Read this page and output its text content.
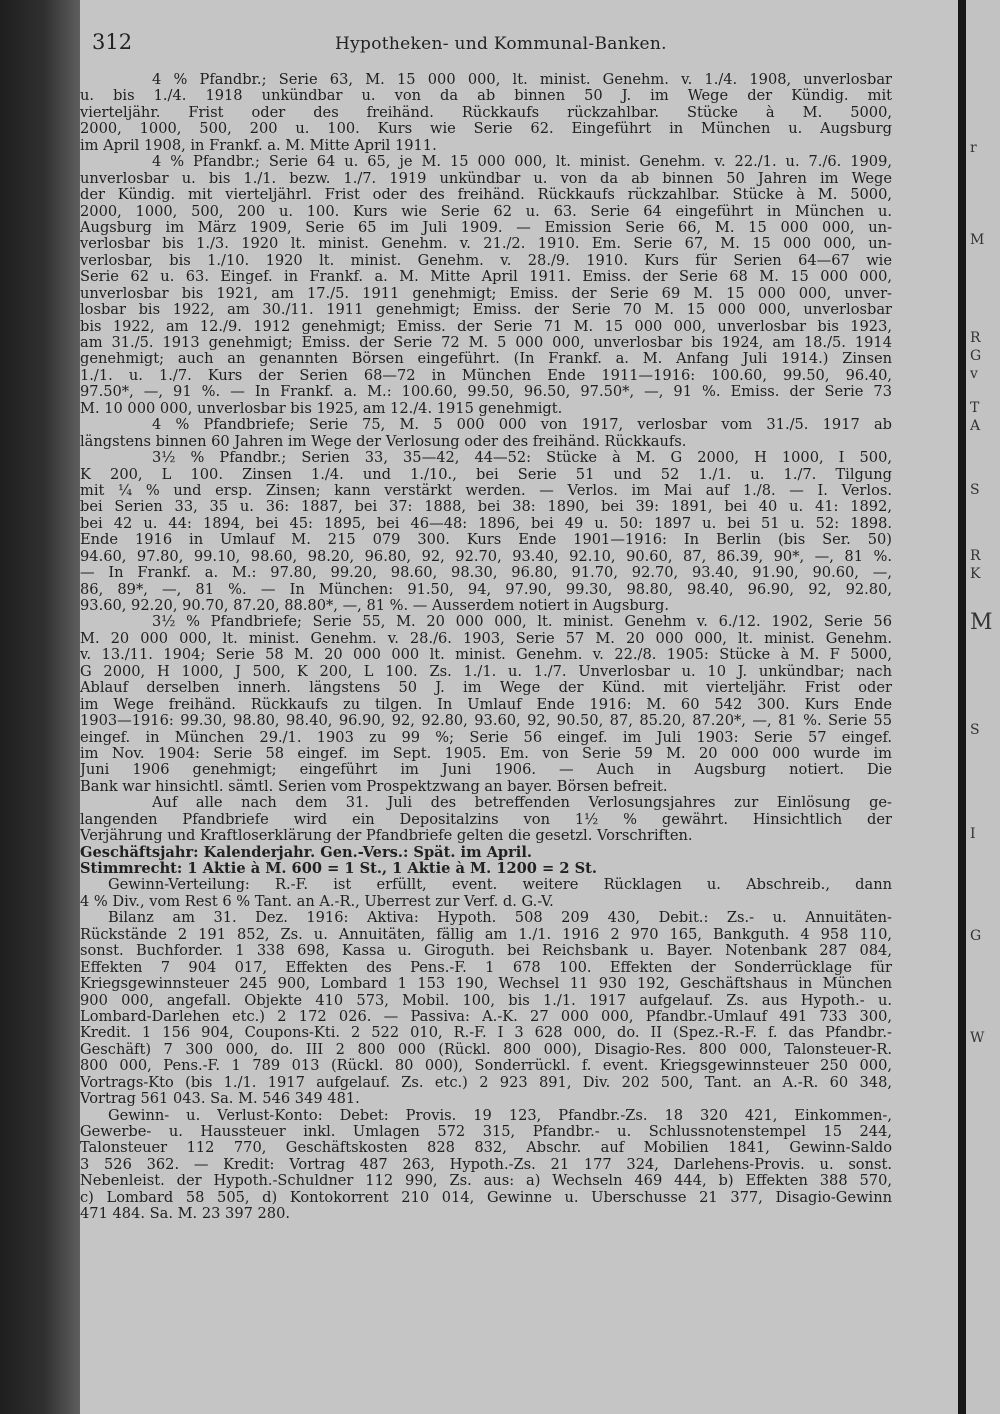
312	Hypotheken- und Kommunal-Banken.
4 % Pfandbr.; Serie 63, M. 15 000 000, lt. minist. Genehm. v. 1./4. 1908, unverlosbar
u. bis 1./4. 1918 unkündbar u. von da ab binnen 50 J. im Wege der Kündig. mit
vierteljähr. Frist oder des freihänd. Rückkaufs rückzahlbar. Stücke à M. 5000,
2000, 1000, 500, 200 u. 100. Kurs wie Serie 62. Eingeführt in München u. Augsburg
im April 1908, in Frankf. a. M. Mitte April 1911.
4 % Pfandbr.; Serie 64 u. 65, je M. 15 000 000, lt. minist. Genehm. v. 22./1. u. 7./6. 1909,
unverlosbar u. bis 1./1. bezw. 1./7. 1919 unkündbar u. von da ab binnen 50 Jahren im Wege
der Kündig. mit vierteljährl. Frist oder des freihänd. Rückkaufs rückzahlbar. Stücke à M. 5000,
2000, 1000, 500, 200 u. 100. Kurs wie Serie 62 u. 63. Serie 64 eingeführt in München u.
Augsburg im März 1909, Serie 65 im Juli 1909. — Emission Serie 66, M. 15 000 000, un-
verlosbar bis 1./3. 1920 lt. minist. Genehm. v. 21./2. 1910. Em. Serie 67, M. 15 000 000, un-
verlosbar, bis 1./10. 1920 lt. minist. Genehm. v. 28./9. 1910. Kurs für Serien 64—67 wie
Serie 62 u. 63. Eingef. in Frankf. a. M. Mitte April 1911. Emiss. der Serie 68 M. 15 000 000,
unverlosbar bis 1921, am 17./5. 1911 genehmigt; Emiss. der Serie 69 M. 15 000 000, unver-
losbar bis 1922, am 30./11. 1911 genehmigt; Emiss. der Serie 70 M. 15 000 000, unverlosbar
bis 1922, am 12./9. 1912 genehmigt; Emiss. der Serie 71 M. 15 000 000, unverlosbar bis 1923,
am 31./5. 1913 genehmigt; Emiss. der Serie 72 M. 5 000 000, unverlosbar bis 1924, am 18./5. 1914
genehmigt; auch an genannten Börsen eingeführt. (In Frankf. a. M. Anfang Juli 1914.) Zinsen
1./1. u. 1./7. Kurs der Serien 68—72 in München Ende 1911—1916: 100.60, 99.50, 96.40,
97.50*, —, 91 %. — In Frankf. a. M.: 100.60, 99.50, 96.50, 97.50*, —, 91 %. Emiss. der Serie 73
M. 10 000 000, unverlosbar bis 1925, am 12./4. 1915 genehmigt.
4 % Pfandbriefe; Serie 75, M. 5 000 000 von 1917, verlosbar vom 31./5. 1917 ab
längstens binnen 60 Jahren im Wege der Verlosung oder des freihänd. Rückkaufs.
3½ % Pfandbr.; Serien 33, 35—42, 44—52: Stücke à M. G 2000, H 1000, I 500,
K 200, L 100. Zinsen 1./4. und 1./10., bei Serie 51 und 52 1./1. u. 1./7. Tilgung
mit ¼ % und ersp. Zinsen; kann verstärkt werden. — Verlos. im Mai auf 1./8. — I. Verlos.
bei Serien 33, 35 u. 36: 1887, bei 37: 1888, bei 38: 1890, bei 39: 1891, bei 40 u. 41: 1892,
bei 42 u. 44: 1894, bei 45: 1895, bei 46—48: 1896, bei 49 u. 50: 1897 u. bei 51 u. 52: 1898.
Ende 1916 in Umlauf M. 215 079 300. Kurs Ende 1901—1916: In Berlin (bis Ser. 50)
94.60, 97.80, 99.10, 98.60, 98.20, 96.80, 92, 92.70, 93.40, 92.10, 90.60, 87, 86.39, 90*, —, 81 %.
— In Frankf. a. M.: 97.80, 99.20, 98.60, 98.30, 96.80, 91.70, 92.70, 93.40, 91.90, 90.60, —,
86, 89*, —, 81 %. — In München: 91.50, 94, 97.90, 99.30, 98.80, 98.40, 96.90, 92, 92.80,
93.60, 92.20, 90.70, 87.20, 88.80*, —, 81 %. — Ausserdem notiert in Augsburg.
3½ % Pfandbriefe; Serie 55, M. 20 000 000, lt. minist. Genehm v. 6./12. 1902, Serie 56
M. 20 000 000, lt. minist. Genehm. v. 28./6. 1903, Serie 57 M. 20 000 000, lt. minist. Genehm.
v. 13./11. 1904; Serie 58 M. 20 000 000 lt. minist. Genehm. v. 22./8. 1905: Stücke à M. F 5000,
G 2000, H 1000, J 500, K 200, L 100. Zs. 1./1. u. 1./7. Unverlosbar u. 10 J. unkündbar; nach
Ablauf derselben innerh. längstens 50 J. im Wege der Künd. mit vierteljähr. Frist oder
im Wege freihänd. Rückkaufs zu tilgen. In Umlauf Ende 1916: M. 60 542 300. Kurs Ende
1903—1916: 99.30, 98.80, 98.40, 96.90, 92, 92.80, 93.60, 92, 90.50, 87, 85.20, 87.20*, —, 81 %. Serie 55
eingef. in München 29./1. 1903 zu 99 %; Serie 56 eingef. im Juli 1903: Serie 57 eingef.
im Nov. 1904: Serie 58 eingef. im Sept. 1905. Em. von Serie 59 M. 20 000 000 wurde im
Juni 1906 genehmigt; eingeführt im Juni 1906. — Auch in Augsburg notiert. Die
Bank war hinsichtl. sämtl. Serien vom Prospektzwang an bayer. Börsen befreit.
Auf alle nach dem 31. Juli des betreffenden Verlosungsjahres zur Einlösung ge-
langenden Pfandbriefe wird ein Depositalzins von 1½ % gewährt. Hinsichtlich der
Verjährung und Kraftloserklärung der Pfandbriefe gelten die gesetzl. Vorschriften.
Geschäftsjahr: Kalenderjahr. Gen.-Vers.: Spät. im April.
Stimmrecht: 1 Aktie à M. 600 = 1 St., 1 Aktie à M. 1200 = 2 St.
Gewinn-Verteilung: R.-F. ist erfüllt, event. weitere Rücklagen u. Abschreib., dann
4 % Div., vom Rest 6 % Tant. an A.-R., Überrest zur Verf. d. G.-V.
Bilanz am 31. Dez. 1916: Aktiva: Hypoth. 508 209 430, Debit.: Zs.- u. Annuitäten-
Rückstände 2 191 852, Zs. u. Annuitäten, fällig am 1./1. 1916 2 970 165, Bankguth. 4 958 110,
sonst. Buchforder. 1 338 698, Kassa u. Giroguth. bei Reichsbank u. Bayer. Notenbank 287 084,
Effekten 7 904 017, Effekten des Pens.-F. 1 678 100. Effekten der Sonderrücklage für
Kriegsgewinnsteuer 245 900, Lombard 1 153 190, Wechsel 11 930 192, Geschäftshaus in München
900 000, angefall. Objekte 410 573, Mobil. 100, bis 1./1. 1917 aufgelauf. Zs. aus Hypoth.- u.
Lombard-Darlehen etc.) 2 172 026. — Passiva: A.-K. 27 000 000, Pfandbr.-Umlauf 491 733 300,
Kredit. 1 156 904, Coupons-Kti. 2 522 010, R.-F. I 3 628 000, do. II (Spez.-R.-F. f. das Pfandbr.-
Geschäft) 7 300 000, do. III 2 800 000 (Rückl. 800 000), Disagio-Res. 800 000, Talonsteuer-R.
800 000, Pens.-F. 1 789 013 (Rückl. 80 000), Sonderrückl. f. event. Kriegsgewinnsteuer 250 000,
Vortrags-Kto (bis 1./1. 1917 aufgelauf. Zs. etc.) 2 923 891, Div. 202 500, Tant. an A.-R. 60 348,
Vortrag 561 043. Sa. M. 546 349 481.
Gewinn- u. Verlust-Konto: Debet: Provis. 19 123, Pfandbr.-Zs. 18 320 421, Einkommen-,
Gewerbe- u. Haussteuer inkl. Umlagen 572 315, Pfandbr.- u. Schlussnotenstempel 15 244,
Talonsteuer 112 770, Geschäftskosten 828 832, Abschr. auf Mobilien 1841, Gewinn-Saldo
3 526 362. — Kredit: Vortrag 487 263, Hypoth.-Zs. 21 177 324, Darlehens-Provis. u. sonst.
Nebenleist. der Hypoth.-Schuldner 112 990, Zs. aus: a) Wechseln 469 444, b) Effekten 388 570,
c) Lombard 58 505, d) Kontokorrent 210 014, Gewinne u. Überschusse 21 377, Disagio-Gewinn
471 484. Sa. M. 23 397 280.
r
M
R
G
v
T
A
S
R
K
M
S
I
G
W
